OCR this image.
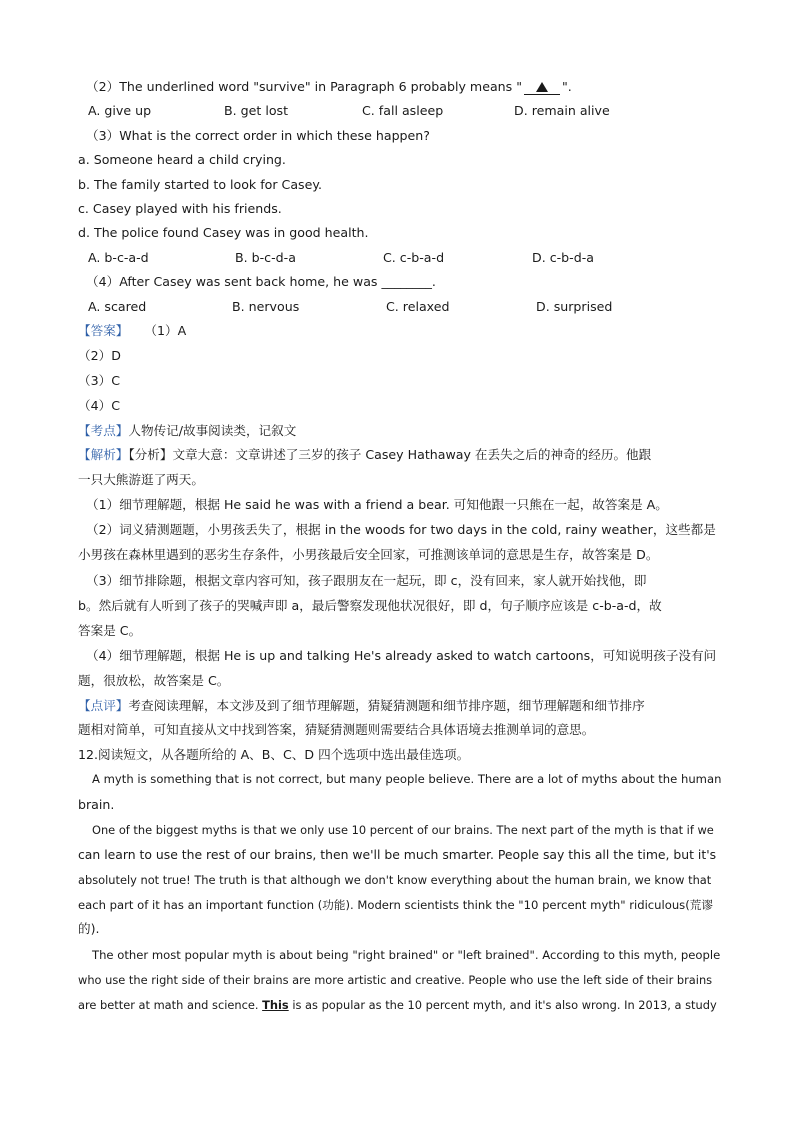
（2）The underlined word "survive" in Paragraph 6 probably means "	".
A. give up	B. get lost	C. fall asleep	D. remain alive
（3）What is the correct order in which these happen?
a. Someone heard a child crying.
b. The family started to look for Casey.
c. Casey played with his friends.
d. The police found Casey was in good health.
A. b-c-a-d	B. b-c-d-a	C. c-b-a-d	D. c-b-d-a
（4）After Casey was sent back home, he was ________.
A. scared	B. nervous	C. relaxed	D. surprised
【答案】 （1）A
（2）D
（3）C
（4）C
【考点】人物传记/故事阅读类，记叙文
【解析】【分析】文章大意：文章讲述了三岁的孩子 Casey Hathaway 在丢失之后的神奇的经历。他跟
一只大熊游逛了两天。
（1）细节理解题，根据 He said he was with a friend a bear. 可知他跟一只熊在一起，故答案是 A。
（2）词义猜测题题，小男孩丢失了，根据 in the woods for two days in the cold, rainy weather，这些都是
小男孩在森林里遇到的恶劣生存条件，小男孩最后安全回家，可推测该单词的意思是生存，故答案是 D。
（3）细节排除题，根据文章内容可知，孩子跟朋友在一起玩，即 c，没有回来，家人就开始找他，即
b。然后就有人听到了孩子的哭喊声即 a，最后警察发现他状况很好，即 d，句子顺序应该是 c-b-a-d，故
答案是 C。
（4）细节理解题，根据 He is up and talking He's already asked to watch cartoons，可知说明孩子没有问
题，很放松，故答案是 C。
【点评】考查阅读理解，本文涉及到了细节理解题，猜疑猜测题和细节排序题，细节理解题和细节排序
题相对简单，可知直接从文中找到答案，猜疑猜测题则需要结合具体语境去推测单词的意思。
12.阅读短文，从各题所给的 A、B、C、D 四个选项中选出最佳选项。
A myth is something that is not correct, but many people believe. There are a lot of myths about the human
brain.
One of the biggest myths is that we only use 10 percent of our brains. The next part of the myth is that if we
can learn to use the rest of our brains, then we'll be much smarter. People say this all the time, but it's
absolutely not true! The truth is that although we don't know everything about the human brain, we know that
each part of it has an important function (功能). Modern scientists think the "10 percent myth" ridiculous(荒谬
的).
The other most popular myth is about being "right brained" or "left brained". According to this myth, people
who use the right side of their brains are more artistic and creative. People who use the left side of their brains
are better at math and science. This is as popular as the 10 percent myth, and it's also wrong. In 2013, a study
